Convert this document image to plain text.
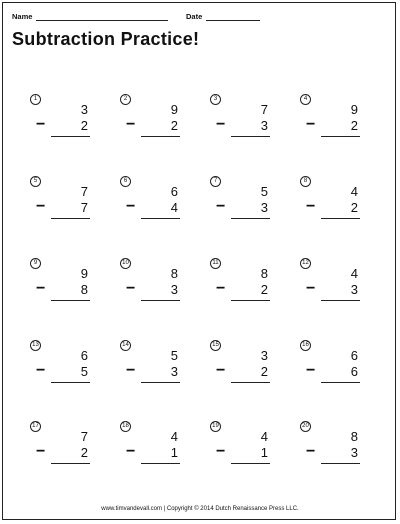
Name	Date
Subtraction Practice!
1
3
−	2
2
9
−	2
3
7
−	3
4
9
−	2
5
7
−	7
6
6
−	4
7
5
−	3
8
4
−	2
9
9
−	8
10
8
−	3
11
8
−	2
12
4
−	3
13
6
−	5
14
5
−	3
15
3
−	2
16
6
−	6
17
7
−	2
18
4
−	1
19
4
−	1
20
8
−	3
www.timvandevall.com | Copyright © 2014 Dutch Renaissance Press LLC.
